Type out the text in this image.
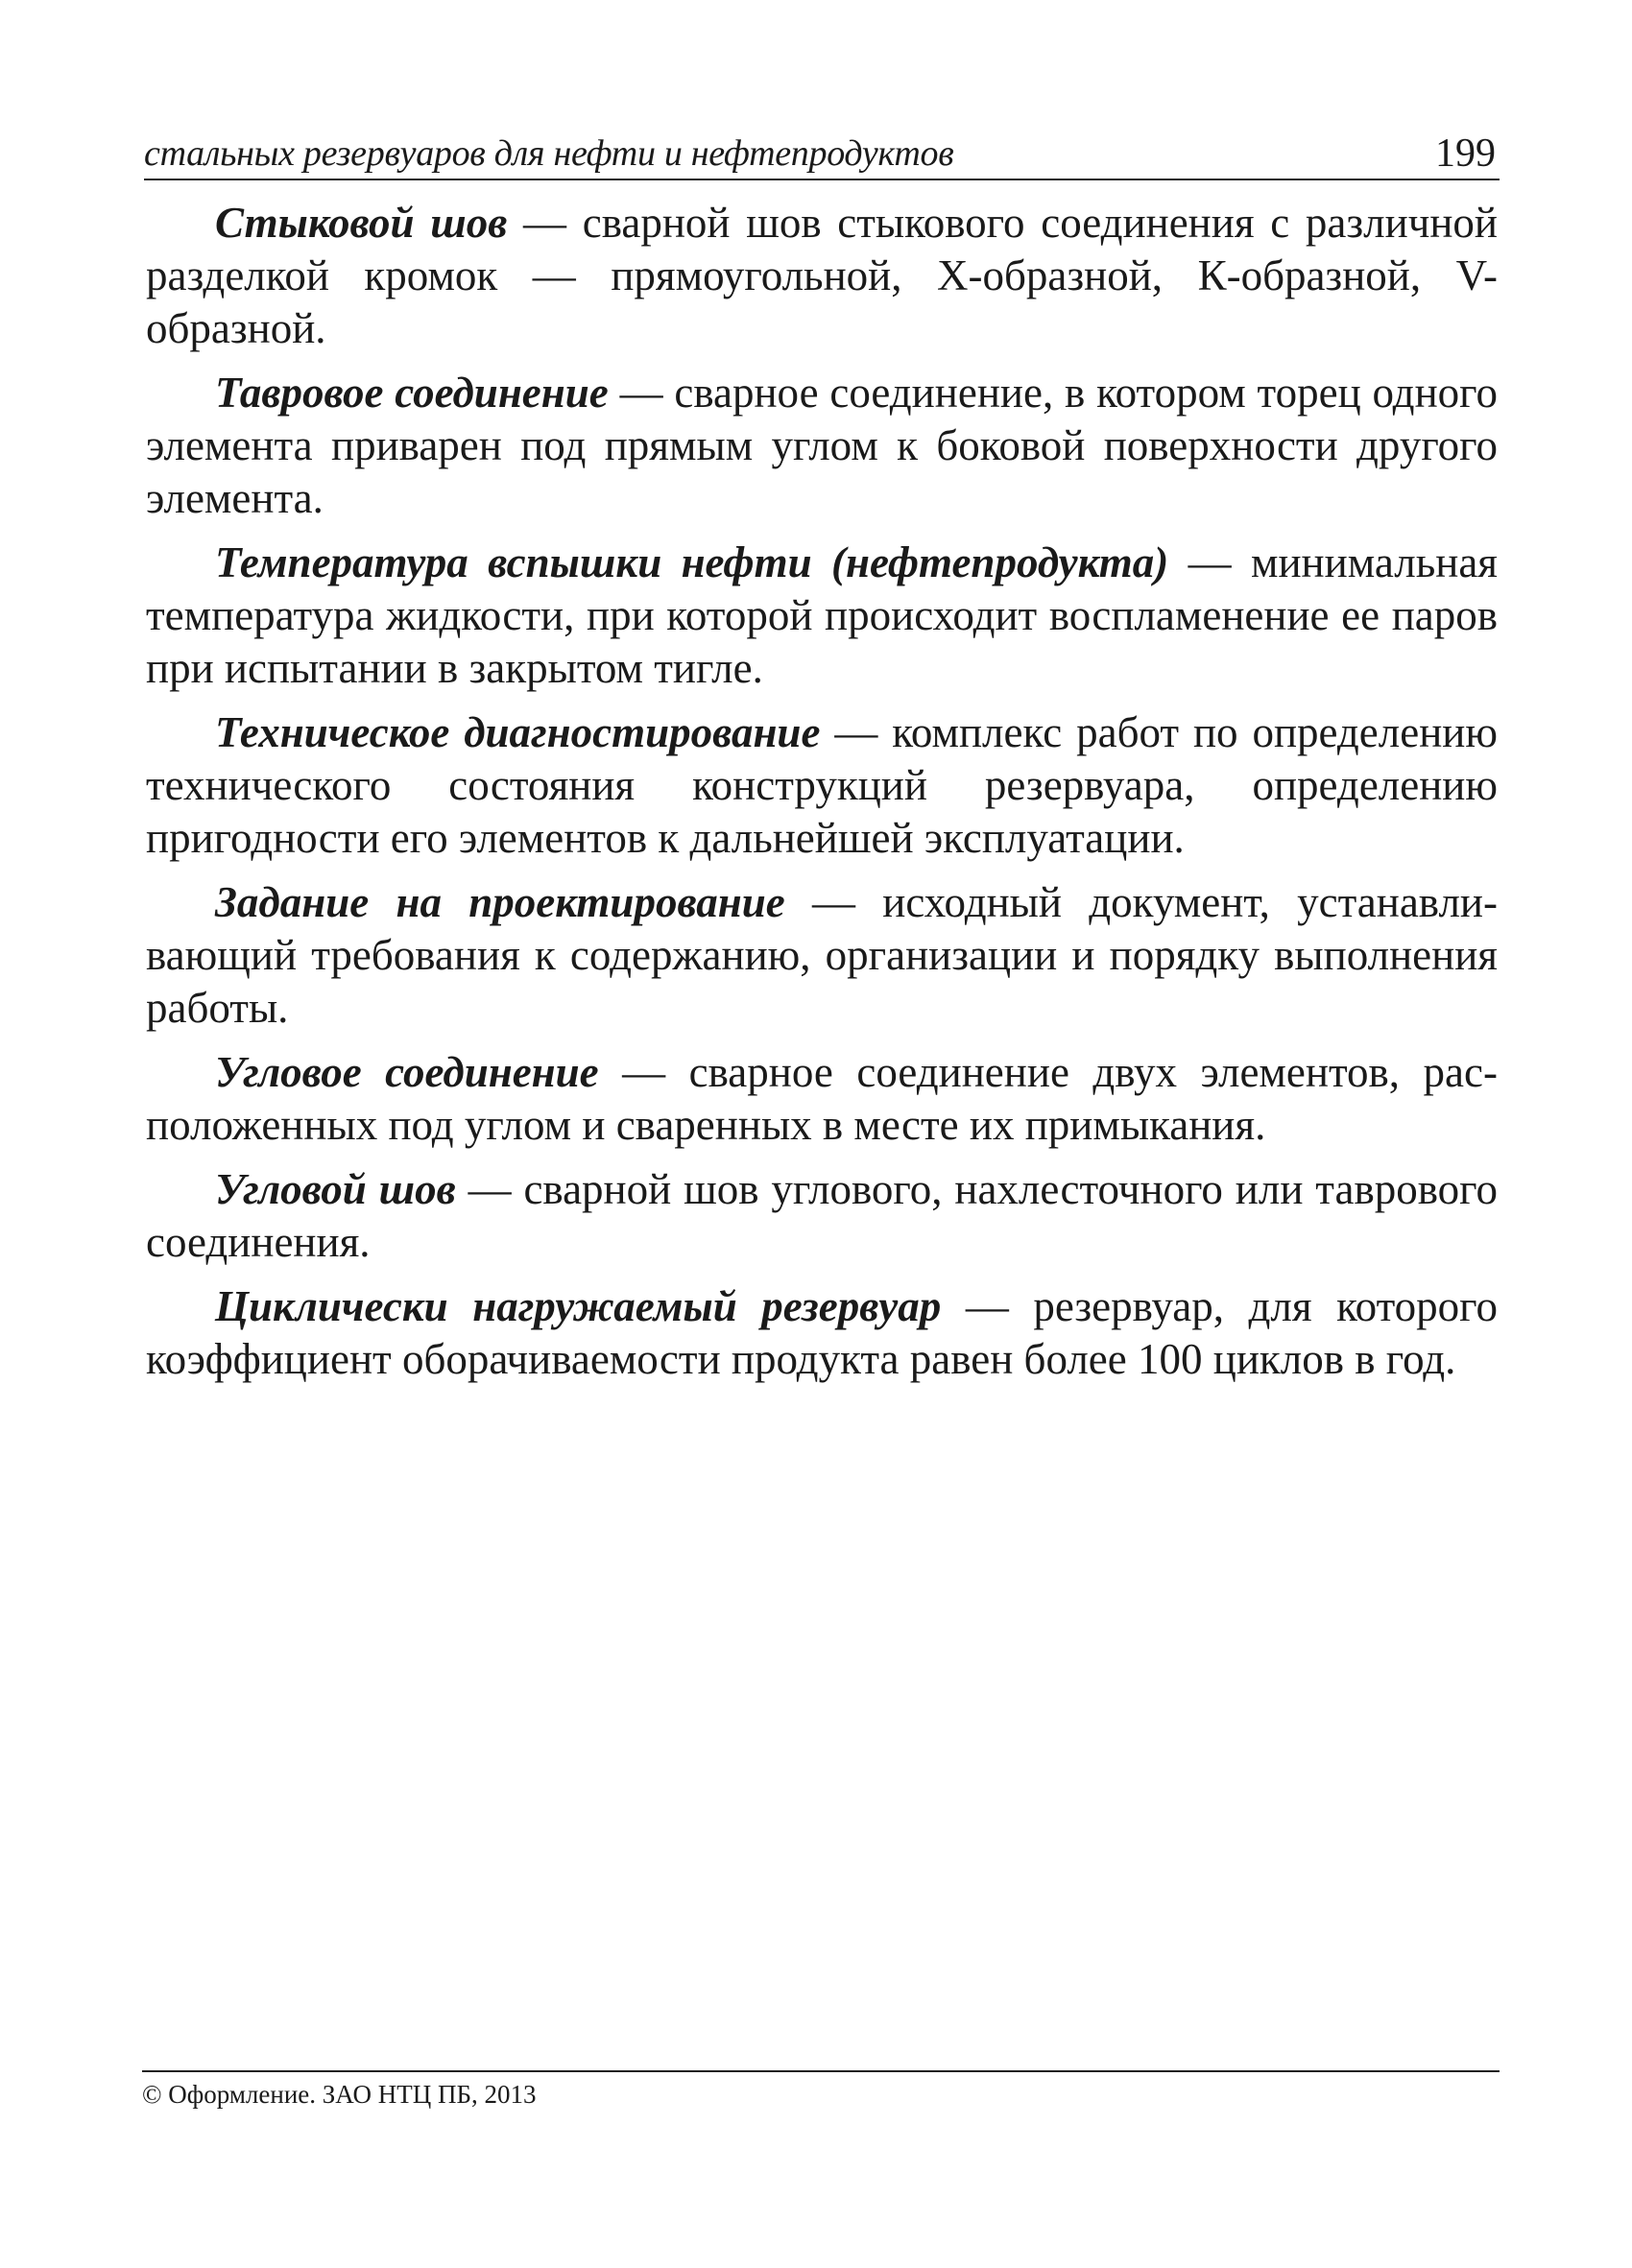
стальных резервуаров для нефти и нефтепродуктов	199

Стыковой шов — сварной шов стыкового соединения с различной разделкой кромок — прямоугольной, Х-образной, К-образной, V-образной.

Тавровое соединение — сварное соединение, в котором торец одного элемента приварен под прямым углом к боковой поверхности другого элемента.

Температура вспышки нефти (нефтепродукта) — минимальная температура жидкости, при которой происходит воспламенение ее паров при испытании в закрытом тигле.

Техническое диагностирование — комплекс работ по определению технического состояния конструкций резервуара, определению пригодности его элементов к дальнейшей эксплуатации.

Задание на проектирование — исходный документ, устанавливающий требования к содержанию, организации и порядку выполнения работы.

Угловое соединение — сварное соединение двух элементов, расположенных под углом и сваренных в месте их примыкания.

Угловой шов — сварной шов углового, нахлесточного или таврового соединения.

Циклически нагружаемый резервуар — резервуар, для которого коэффициент оборачиваемости продукта равен более 100 циклов в год.

© Оформление. ЗАО НТЦ ПБ, 2013
